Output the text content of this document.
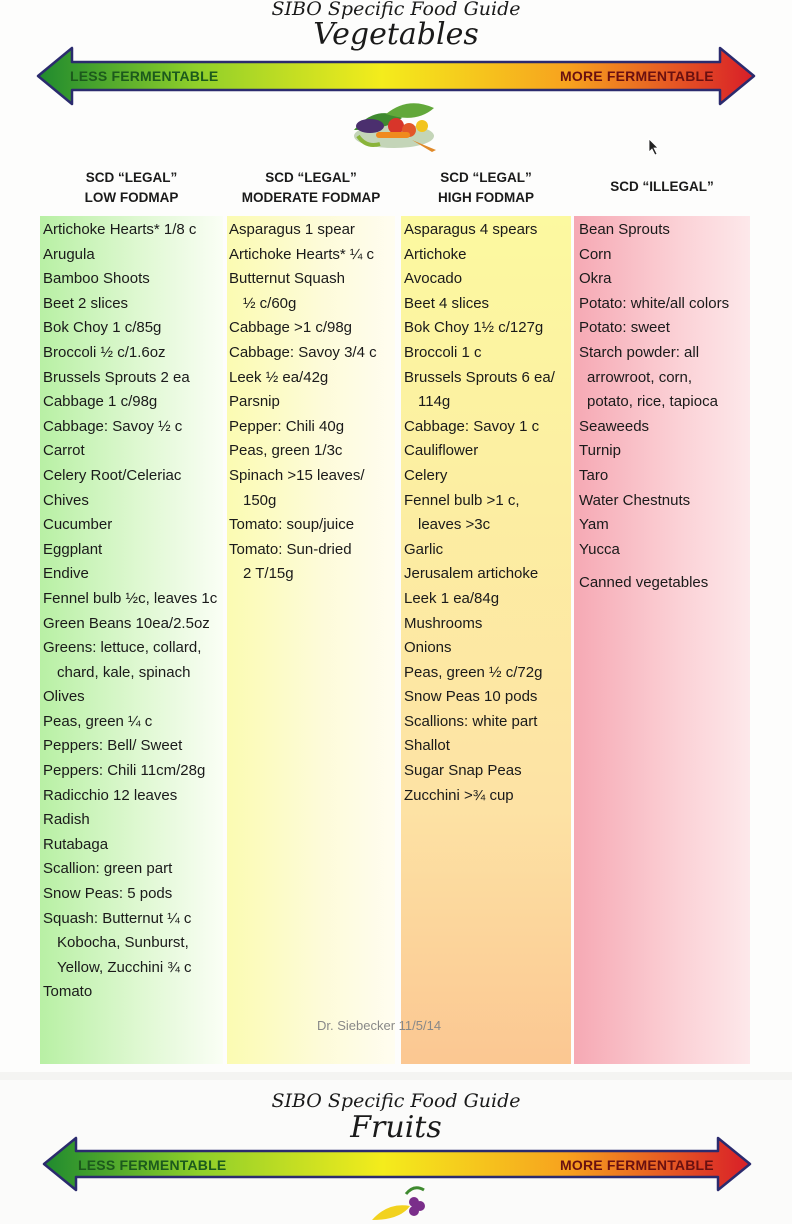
SIBO Specific Food Guide
Vegetables
LESS FERMENTABLE	MORE FERMENTABLE
SCD “LEGAL”
LOW FODMAP
SCD “LEGAL”
MODERATE FODMAP
SCD “LEGAL”
HIGH FODMAP
SCD “ILLEGAL”
Artichoke Hearts* 1/8 c
Arugula
Bamboo Shoots
Beet 2 slices
Bok Choy 1 c/85g
Broccoli ½ c/1.6oz
Brussels Sprouts 2 ea
Cabbage 1 c/98g
Cabbage: Savoy ½ c
Carrot
Celery Root/Celeriac
Chives
Cucumber
Eggplant
Endive
Fennel bulb ½c, leaves 1c
Green Beans 10ea/2.5oz
Greens: lettuce, collard,
chard, kale, spinach
Olives
Peas, green ¼ c
Peppers: Bell/ Sweet
Peppers: Chili 11cm/28g
Radicchio 12 leaves
Radish
Rutabaga
Scallion: green part
Snow Peas: 5 pods
Squash: Butternut ¼ c
Kobocha, Sunburst,
Yellow, Zucchini ¾ c
Tomato
Asparagus 1 spear
Artichoke Hearts* ¼ c
Butternut Squash
½ c/60g
Cabbage >1 c/98g
Cabbage: Savoy 3/4 c
Leek ½ ea/42g
Parsnip
Pepper: Chili 40g
Peas, green 1/3c
Spinach >15 leaves/
150g
Tomato: soup/juice
Tomato: Sun-dried
2 T/15g
Asparagus 4 spears
Artichoke
Avocado
Beet 4 slices
Bok Choy 1½ c/127g
Broccoli 1 c
Brussels Sprouts 6 ea/
114g
Cabbage: Savoy 1 c
Cauliflower
Celery
Fennel bulb >1 c,
leaves >3c
Garlic
Jerusalem artichoke
Leek 1 ea/84g
Mushrooms
Onions
Peas, green ½ c/72g
Snow Peas 10 pods
Scallions: white part
Shallot
Sugar Snap Peas
Zucchini >¾ cup
Bean Sprouts
Corn
Okra
Potato: white/all colors
Potato: sweet
Starch powder: all
arrowroot, corn,
potato, rice, tapioca
Seaweeds
Turnip
Taro
Water Chestnuts
Yam
Yucca
Canned vegetables
Dr. Siebecker 11/5/14
SIBO Specific Food Guide
Fruits
LESS FERMENTABLE	MORE FERMENTABLE
